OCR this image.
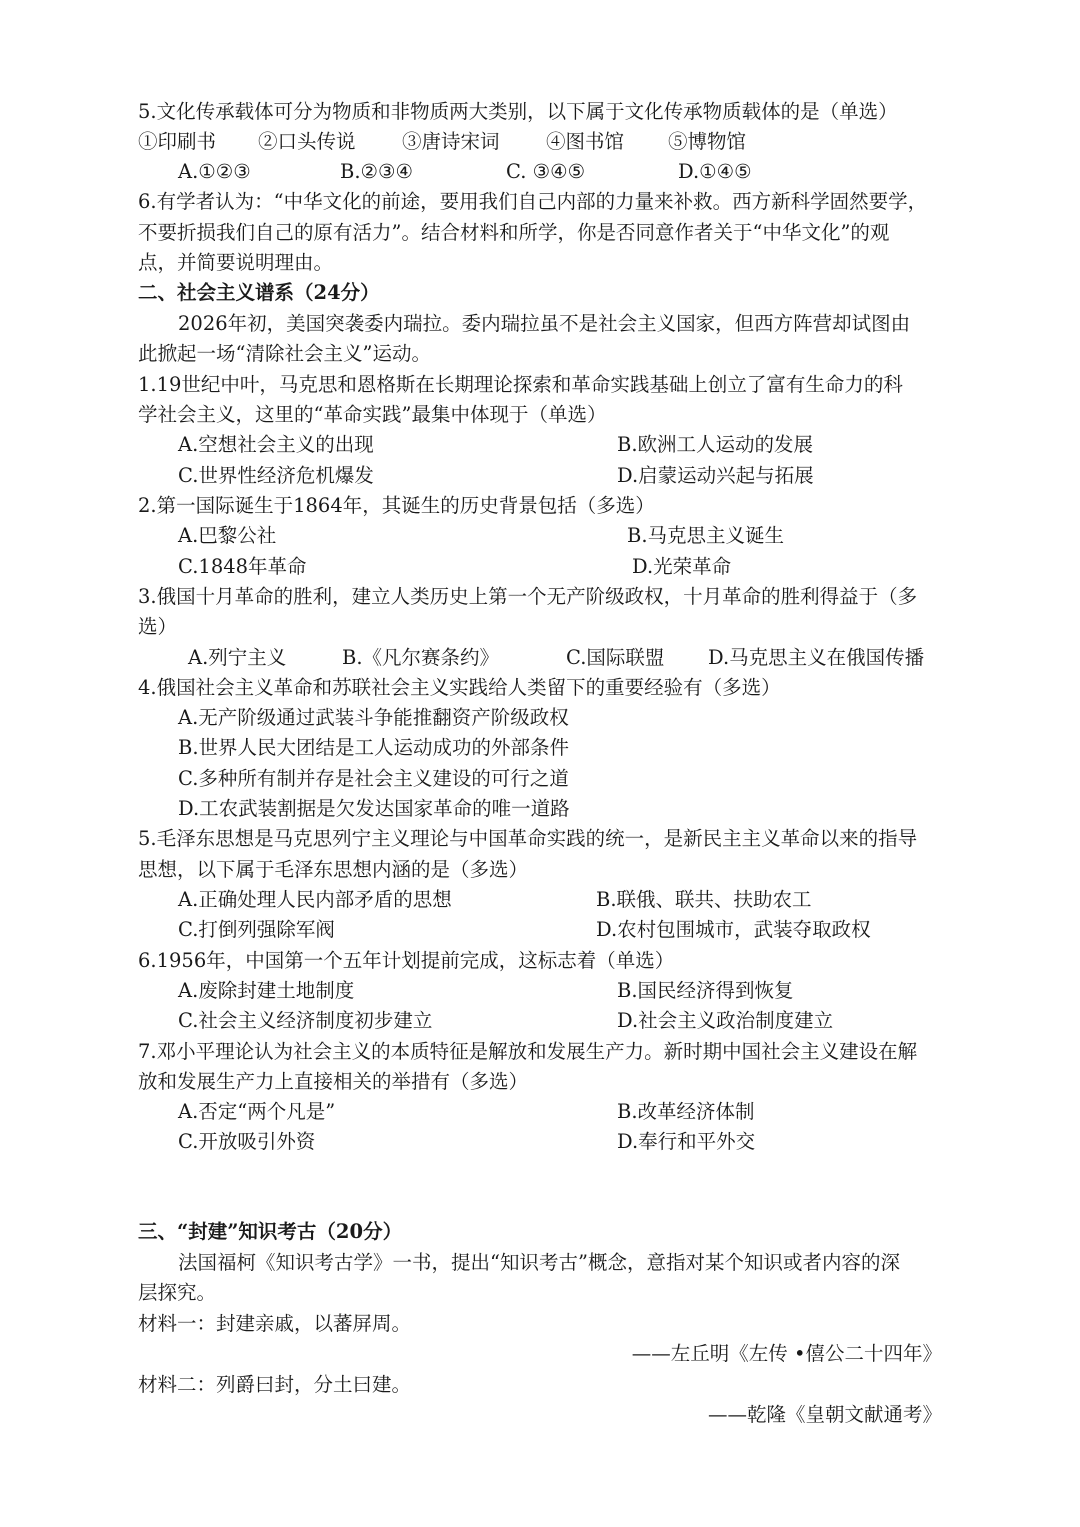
5.文化传承载体可分为物质和非物质两大类别，以下属于文化传承物质载体的是（单选）
①印刷书 ②口头传说 ③唐诗宋词 ④图书馆 ⑤博物馆
A.①②③	B.②③④	C. ③④⑤	D.①④⑤
6.有学者认为：“中华文化的前途，要用我们自己内部的力量来补救。西方新科学固然要学，
不要折损我们自己的原有活力”。结合材料和所学，你是否同意作者关于“中华文化”的观
点，并简要说明理由。
二、社会主义谱系（24分）
2026年初，美国突袭委内瑞拉。委内瑞拉虽不是社会主义国家，但西方阵营却试图由
此掀起一场“清除社会主义”运动。
1.19世纪中叶，马克思和恩格斯在长期理论探索和革命实践基础上创立了富有生命力的科
学社会主义，这里的“革命实践”最集中体现于（单选）
A.空想社会主义的出现	B.欧洲工人运动的发展
C.世界性经济危机爆发	D.启蒙运动兴起与拓展
2.第一国际诞生于1864年，其诞生的历史背景包括（多选）
A.巴黎公社	B.马克思主义诞生
C.1848年革命	D.光荣革命
3.俄国十月革命的胜利，建立人类历史上第一个无产阶级政权，十月革命的胜利得益于（多
选）
A.列宁主义	B.《凡尔赛条约》	C.国际联盟 D.马克思主义在俄国传播
4.俄国社会主义革命和苏联社会主义实践给人类留下的重要经验有（多选）
A.无产阶级通过武装斗争能推翻资产阶级政权
B.世界人民大团结是工人运动成功的外部条件
C.多种所有制并存是社会主义建设的可行之道
D.工农武装割据是欠发达国家革命的唯一道路
5.毛泽东思想是马克思列宁主义理论与中国革命实践的统一，是新民主主义革命以来的指导
思想，以下属于毛泽东思想内涵的是（多选）
A.正确处理人民内部矛盾的思想	B.联俄、联共、扶助农工
C.打倒列强除军阀	D.农村包围城市，武装夺取政权
6.1956年，中国第一个五年计划提前完成，这标志着（单选）
A.废除封建土地制度	B.国民经济得到恢复
C.社会主义经济制度初步建立	D.社会主义政治制度建立
7.邓小平理论认为社会主义的本质特征是解放和发展生产力。新时期中国社会主义建设在解
放和发展生产力上直接相关的举措有（多选）
A.否定“两个凡是”	B.改革经济体制
C.开放吸引外资	D.奉行和平外交
三、“封建”知识考古（20分）
法国福柯《知识考古学》一书，提出“知识考古”概念，意指对某个知识或者内容的深
层探究。
材料一：封建亲戚，以蕃屏周。
——左丘明《左传 •僖公二十四年》
材料二：列爵曰封，分土曰建。
——乾隆《皇朝文献通考》
